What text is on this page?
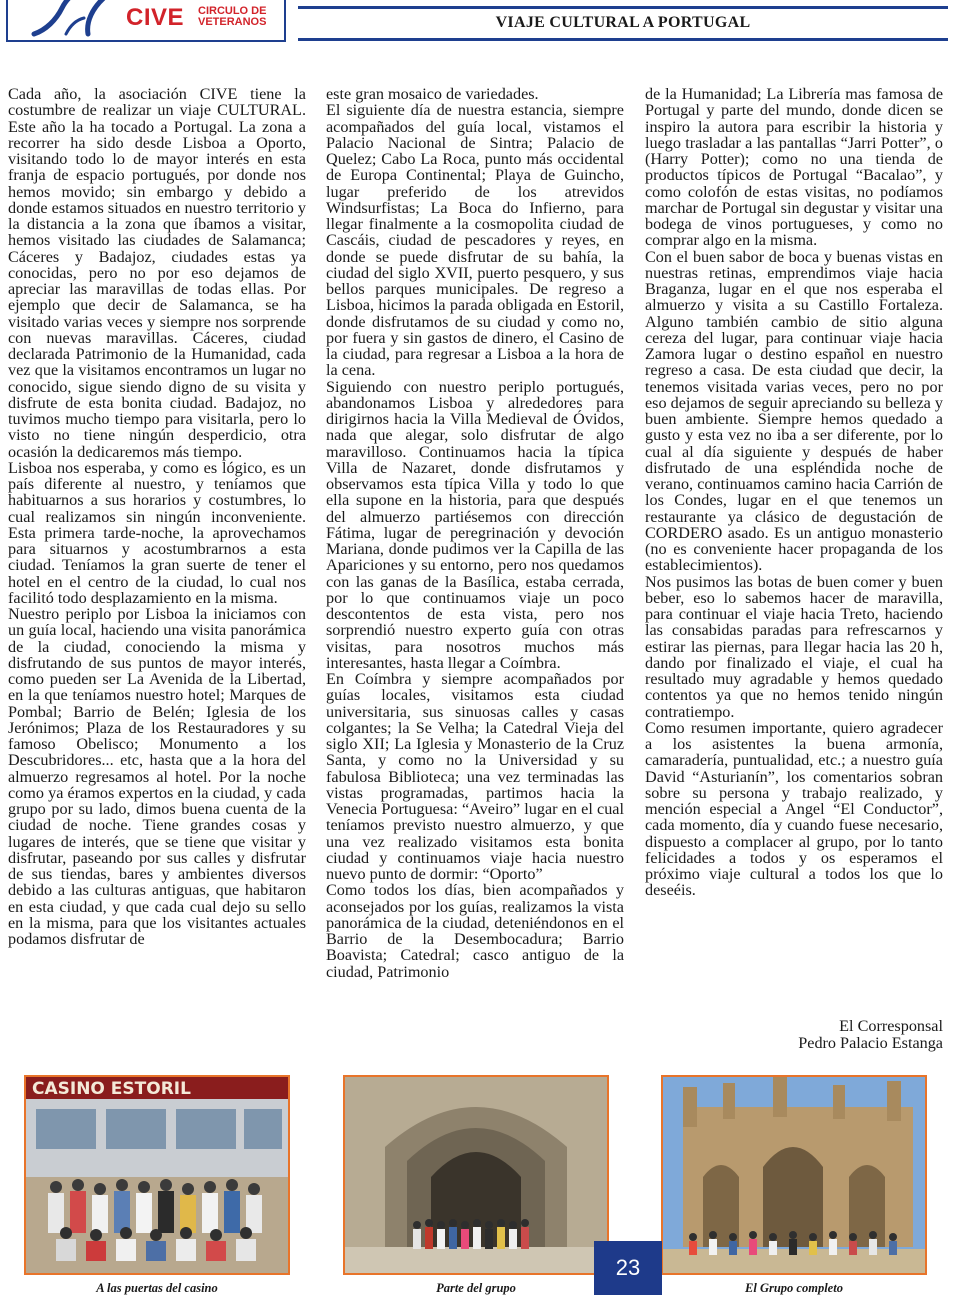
CIVE CIRCULO DE
VETERANOS	VIAJE CULTURAL A PORTUGAL

Cada año, la asociación CIVE tiene la costumbre de realizar un viaje CULTURAL. Este año la ha tocado a Portugal. La zona a recorrer ha sido desde Lisboa a Oporto, visitando todo lo de mayor interés en esta franja de espacio portugués, por donde nos hemos movido; sin embargo y debido a donde estamos situados en nuestro territorio y la distancia a la zona que íbamos a visitar, hemos visitado las ciudades de Salamanca; Cáceres y Badajoz, ciudades estas ya conocidas, pero no por eso dejamos de apreciar las maravillas de todas ellas. Por ejemplo que decir de Salamanca, se ha visitado varias veces y siempre nos sorprende con nuevas maravillas. Cáceres, ciudad declarada Patrimonio de la Humanidad, cada vez que la visitamos encontramos un lugar no conocido, sigue siendo digno de su visita y disfrute de esta bonita ciudad. Badajoz, no tuvimos mucho tiempo para visitarla, pero lo visto no tiene ningún desperdicio, otra ocasión la dedicaremos más tiempo.

Lisboa nos esperaba, y como es lógico, es un país diferente al nuestro, y teníamos que habituarnos a sus horarios y costumbres, lo cual realizamos sin ningún inconveniente. Esta primera tarde-noche, la aprovechamos para situarnos y acostumbrarnos a esta ciudad. Teníamos la gran suerte de tener el hotel en el centro de la ciudad, lo cual nos facilitó todo desplazamiento en la misma.

Nuestro periplo por Lisboa la iniciamos con un guía local, haciendo una visita panorámica de la ciudad, conociendo la misma y disfrutando de sus puntos de mayor interés, como pueden ser La Avenida de la Libertad, en la que teníamos nuestro hotel; Marques de Pombal; Barrio de Belén; Iglesia de los Jerónimos; Plaza de los Restauradores y su famoso Obelisco; Monumento a los Descubridores... etc, hasta que a la hora del almuerzo regresamos al hotel. Por la noche como ya éramos expertos en la ciudad, y cada grupo por su lado, dimos buena cuenta de la ciudad de noche. Tiene grandes cosas y lugares de interés, que se tiene que visitar y disfrutar, paseando por sus calles y disfrutar de sus tiendas, bares y ambientes diversos debido a las culturas antiguas, que habitaron en esta ciudad, y que cada cual dejo su sello en la misma, para que los visitantes actuales podamos disfrutar de

este gran mosaico de variedades.

El siguiente día de nuestra estancia, siempre acompañados del guía local, vistamos el Palacio Nacional de Sintra; Palacio de Quelez; Cabo La Roca, punto más occidental de Europa Continental; Playa de Guincho, lugar preferido de los atrevidos Windsurfistas; La Boca do Infierno, para llegar finalmente a la cosmopolita ciudad de Cascáis, ciudad de pescadores y reyes, en donde se puede disfrutar de su bahía, la ciudad del siglo XVII, puerto pesquero, y sus bellos parques municipales. De regreso a Lisboa, hicimos la parada obligada en Estoril, donde disfrutamos de su ciudad y como no, por fuera y sin gastos de dinero, el Casino de la ciudad, para regresar a Lisboa a la hora de la cena.

Siguiendo con nuestro periplo portugués, abandonamos Lisboa y alrededores para dirigirnos hacia la Villa Medieval de Óvidos, nada que alegar, solo disfrutar de algo maravilloso. Continuamos hacia la típica Villa de Nazaret, donde disfrutamos y observamos esta típica Villa y todo lo que ella supone en la historia, para que después del almuerzo partiésemos con dirección Fátima, lugar de peregrinación y devoción Mariana, donde pudimos ver la Capilla de las Apariciones y su entorno, pero nos quedamos con las ganas de la Basílica, estaba cerrada, por lo que continuamos viaje un poco descontentos de esta vista, pero nos sorprendió nuestro experto guía con otras visitas, para nosotros muchos más interesantes, hasta llegar a Coímbra.

En Coímbra y siempre acompañados por guías locales, visitamos esta ciudad universitaria, sus sinuosas calles y casas colgantes; la Se Velha; la Catedral Vieja del siglo XII; La Iglesia y Monasterio de la Cruz Santa, y como no la Universidad y su fabulosa Biblioteca; una vez terminadas las vistas programadas, partimos hacia la Venecia Portuguesa: “Aveiro” lugar en el cual teníamos previsto nuestro almuerzo, y que una vez realizado visitamos esta bonita ciudad y continuamos viaje hacia nuestro nuevo punto de dormir: “Oporto”

Como todos los días, bien acompañados y aconsejados por los guías, realizamos la vista panorámica de la ciudad, deteniéndonos en el Barrio de la Desembocadura; Barrio Boavista; Catedral; casco antiguo de la ciudad, Patrimonio

de la Humanidad; La Librería mas famosa de Portugal y parte del mundo, donde dicen se inspiro la autora para escribir la historia y luego trasladar a las pantallas “Jarri Potter”, o (Harry Potter); como no una tienda de productos típicos de Portugal “Bacalao”, y como colofón de estas visitas, no podíamos marchar de Portugal sin degustar y visitar una bodega de vinos portugueses, y como no comprar algo en la misma.

Con el buen sabor de boca y buenas vistas en nuestras retinas, emprendimos viaje hacia Braganza, lugar en el que nos esperaba el almuerzo y visita a su Castillo Fortaleza. Alguno también cambio de sitio alguna cereza del lugar, para continuar viaje hacia Zamora lugar o destino español en nuestro regreso a casa. De esta ciudad que decir, la tenemos visitada varias veces, pero no por eso dejamos de seguir apreciando su belleza y buen ambiente. Siempre hemos quedado a gusto y esta vez no iba a ser diferente, por lo cual al día siguiente y después de haber disfrutado de una espléndida noche de verano, continuamos camino hacia Carrión de los Condes, lugar en el que tenemos un restaurante ya clásico de degustación de CORDERO asado. Es un antiguo monasterio (no es conveniente hacer propaganda de los establecimientos).

Nos pusimos las botas de buen comer y buen beber, eso lo sabemos hacer de maravilla, para continuar el viaje hacia Treto, haciendo las consabidas paradas para refrescarnos y estirar las piernas, para llegar hacia las 20 h, dando por finalizado el viaje, el cual ha resultado muy agradable y hemos quedado contentos ya que no hemos tenido ningún contratiempo.

Como resumen importante, quiero agradecer a los asistentes la buena armonía, camaradería, puntualidad, etc.; a nuestro guía David “Asturianín”, los comentarios sobran sobre su persona y trabajo realizado, y mención especial a Angel “El Conductor”, cada momento, día y cuando fuese necesario, dispuesto a complacer al grupo, por lo tanto felicidades a todos y os esperamos el próximo viaje cultural a todos los que lo deseéis.

El Corresponsal
Pedro Palacio Estanga
CASINO ESTORIL
A las puertas del casino	Parte del grupo	El Grupo completo
23
